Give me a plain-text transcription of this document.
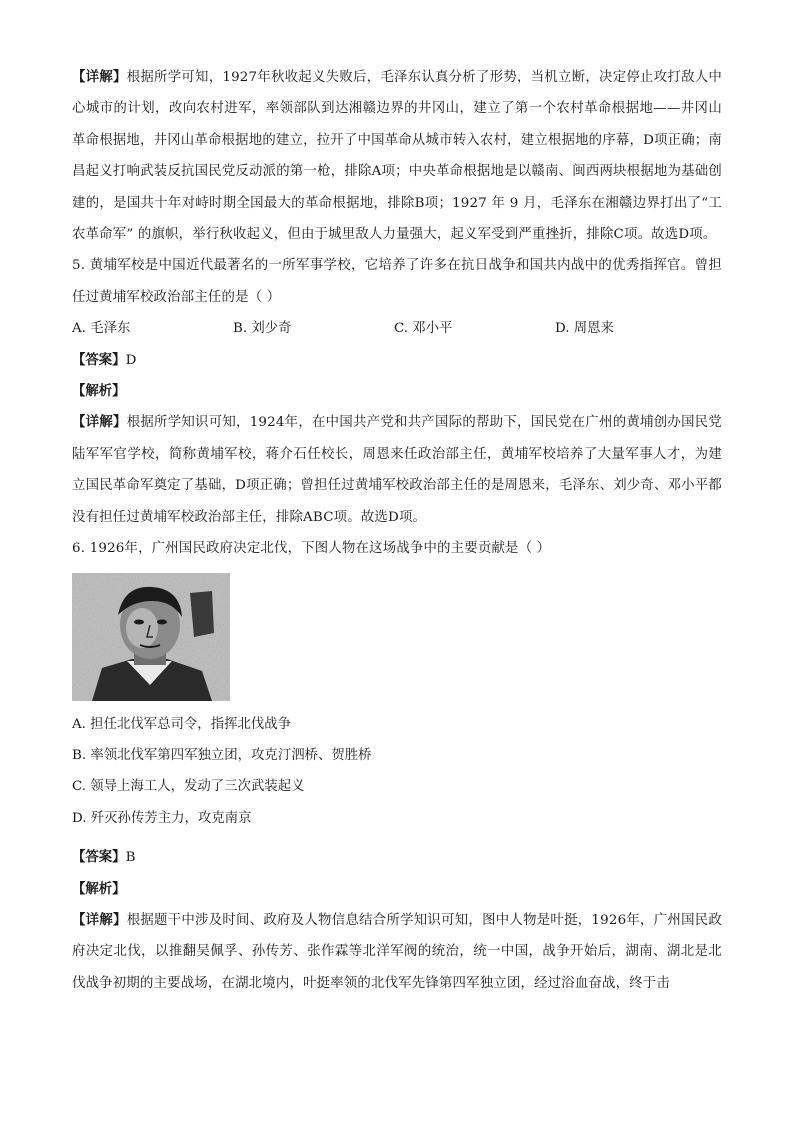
【详解】根据所学可知，1927年秋收起义失败后，毛泽东认真分析了形势，当机立断，决定停止攻打敌人中心城市的计划，改向农村进军，率领部队到达湘赣边界的井冈山，建立了第一个农村革命根据地——井冈山革命根据地，井冈山革命根据地的建立，拉开了中国革命从城市转入农村，建立根据地的序幕，D项正确；南昌起义打响武装反抗国民党反动派的第一枪，排除A项；中央革命根据地是以赣南、闽西两块根据地为基础创建的，是国共十年对峙时期全国最大的革命根据地，排除B项；1927 年 9 月，毛泽东在湘赣边界打出了“工农革命军” 的旗帜，举行秋收起义，但由于城里敌人力量强大，起义军受到严重挫折，排除C项。故选D项。

5. 黄埔军校是中国近代最著名的一所军事学校，它培养了许多在抗日战争和国共内战中的优秀指挥官。曾担任过黄埔军校政治部主任的是（ ）

A. 毛泽东	B. 刘少奇	C. 邓小平	D. 周恩来

【答案】D

【解析】

【详解】根据所学知识可知，1924年，在中国共产党和共产国际的帮助下，国民党在广州的黄埔创办国民党陆军军官学校，简称黄埔军校，蒋介石任校长，周恩来任政治部主任，黄埔军校培养了大量军事人才，为建立国民革命军奠定了基础，D项正确；曾担任过黄埔军校政治部主任的是周恩来，毛泽东、刘少奇、邓小平都没有担任过黄埔军校政治部主任，排除ABC项。故选D项。

6. 1926年，广州国民政府决定北伐，下图人物在这场战争中的主要贡献是（ ）

A. 担任北伐军总司令，指挥北伐战争

B. 率领北伐军第四军独立团，攻克汀泗桥、贺胜桥

C. 领导上海工人，发动了三次武装起义

D. 歼灭孙传芳主力，攻克南京

【答案】B

【解析】

【详解】根据题干中涉及时间、政府及人物信息结合所学知识可知，图中人物是叶挺，1926年，广州国民政府决定北伐，以推翻吴佩孚、孙传芳、张作霖等北洋军阀的统治，统一中国，战争开始后，湖南、湖北是北伐战争初期的主要战场，在湖北境内，叶挺率领的北伐军先锋第四军独立团，经过浴血奋战，终于击
